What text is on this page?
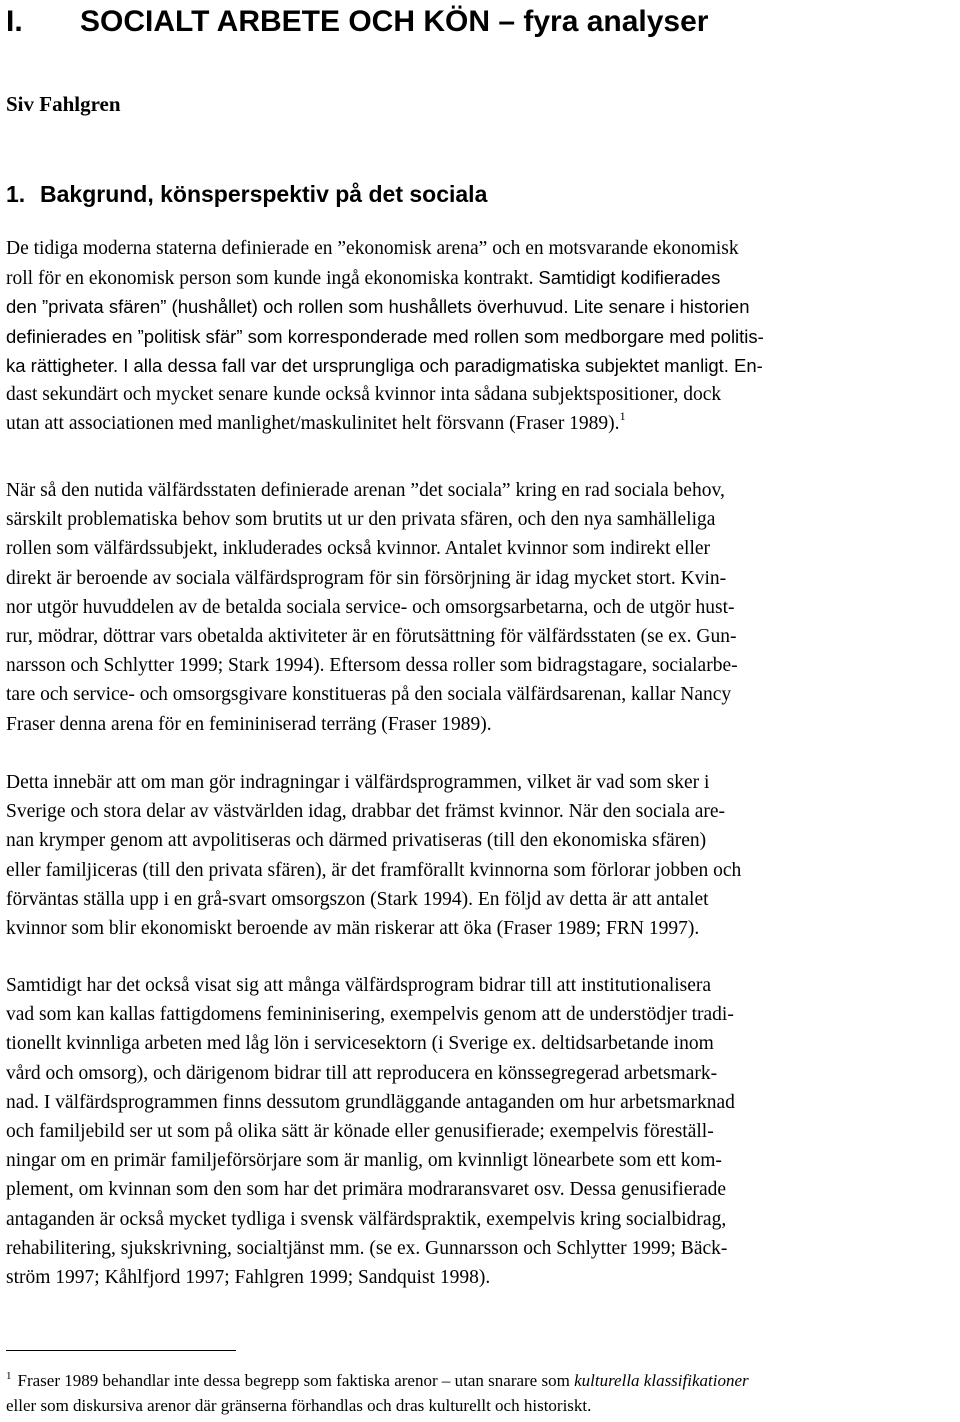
I. SOCIALT ARBETE OCH KÖN – fyra analyser
Siv Fahlgren
1. Bakgrund, könsperspektiv på det sociala
De tidiga moderna staterna definierade en ”ekonomisk arena” och en motsvarande ekonomisk
roll för en ekonomisk person som kunde ingå ekonomiska kontrakt. Samtidigt kodifierades
den ”privata sfären” (hushållet) och rollen som hushållets överhuvud. Lite senare i historien
definierades en ”politisk sfär” som korresponderade med rollen som medborgare med politis-
ka rättigheter. I alla dessa fall var det ursprungliga och paradigmatiska subjektet manligt. En-
dast sekundärt och mycket senare kunde också kvinnor inta sådana subjektspositioner, dock
utan att associationen med manlighet/maskulinitet helt försvann (Fraser 1989).$^1$
När så den nutida välfärdsstaten definierade arenan ”det sociala” kring en rad sociala behov,
särskilt problematiska behov som brutits ut ur den privata sfären, och den nya samhälleliga
rollen som välfärdssubjekt, inkluderades också kvinnor. Antalet kvinnor som indirekt eller
direkt är beroende av sociala välfärdsprogram för sin försörjning är idag mycket stort. Kvin-
nor utgör huvuddelen av de betalda sociala service- och omsorgsarbetarna, och de utgör hust-
rur, mödrar, döttrar vars obetalda aktiviteter är en förutsättning för välfärdsstaten (se ex. Gun-
narsson och Schlytter 1999; Stark 1994). Eftersom dessa roller som bidragstagare, socialarbe-
tare och service- och omsorgsgivare konstitueras på den sociala välfärdsarenan, kallar Nancy
Fraser denna arena för en femininiserad terräng (Fraser 1989).
Detta innebär att om man gör indragningar i välfärdsprogrammen, vilket är vad som sker i
Sverige och stora delar av västvärlden idag, drabbar det främst kvinnor. När den sociala are-
nan krymper genom att avpolitiseras och därmed privatiseras (till den ekonomiska sfären)
eller familjiceras (till den privata sfären), är det framförallt kvinnorna som förlorar jobben och
förväntas ställa upp i en grå-svart omsorgszon (Stark 1994). En följd av detta är att antalet
kvinnor som blir ekonomiskt beroende av män riskerar att öka (Fraser 1989; FRN 1997).
Samtidigt har det också visat sig att många välfärdsprogram bidrar till att institutionalisera
vad som kan kallas fattigdomens femininisering, exempelvis genom att de understödjer tradi-
tionellt kvinnliga arbeten med låg lön i servicesektorn (i Sverige ex. deltidsarbetande inom
vård och omsorg), och därigenom bidrar till att reproducera en könssegregerad arbetsmark-
nad. I välfärdsprogrammen finns dessutom grundläggande antaganden om hur arbetsmarknad
och familjebild ser ut som på olika sätt är könade eller genusifierade; exempelvis föreställ-
ningar om en primär familjeförsörjare som är manlig, om kvinnligt lönearbete som ett kom-
plement, om kvinnan som den som har det primära modraransvaret osv. Dessa genusifierade
antaganden är också mycket tydliga i svensk välfärdspraktik, exempelvis kring socialbidrag,
rehabilitering, sjukskrivning, socialtjänst mm. (se ex. Gunnarsson och Schlytter 1999; Bäck-
ström 1997; Kåhlfjord 1997; Fahlgren 1999; Sandquist 1998).
$^1$ Fraser 1989 behandlar inte dessa begrepp som faktiska arenor – utan snarare som kulturella klassifikationer
eller som diskursiva arenor där gränserna förhandlas och dras kulturellt och historiskt.
